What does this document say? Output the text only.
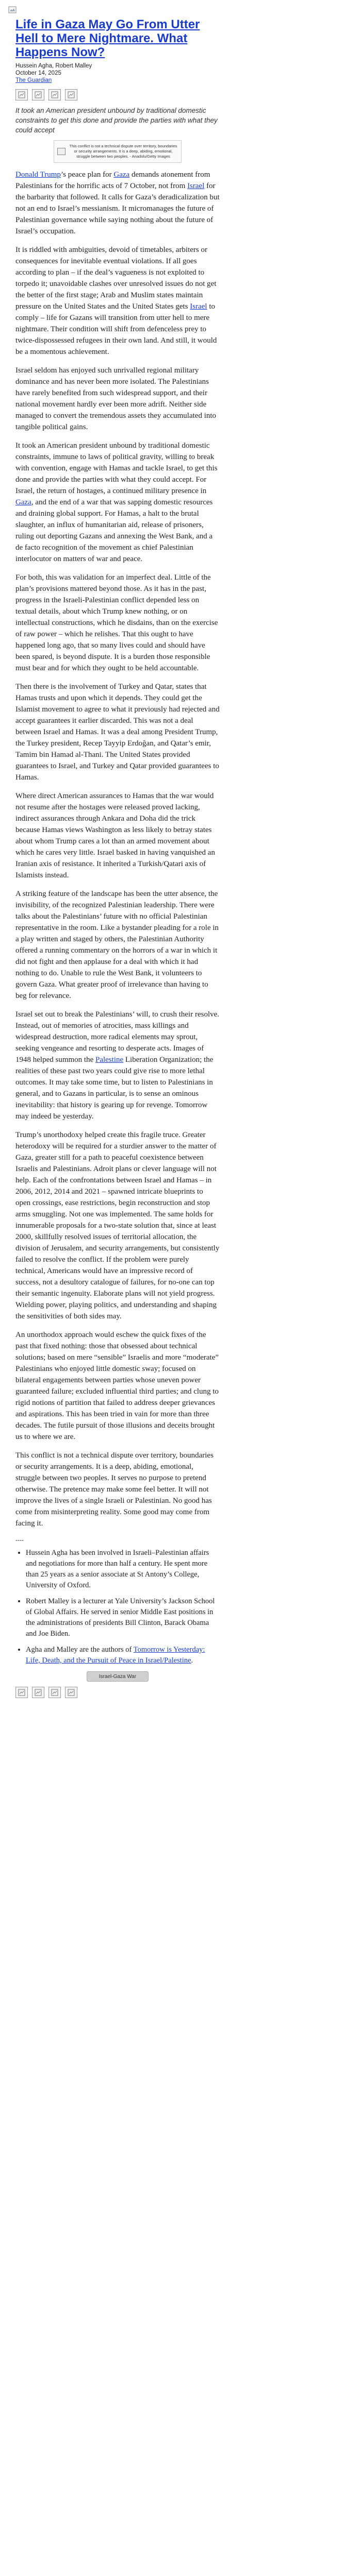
Life in Gaza May Go From Utter Hell to Mere Nightmare. What Happens Now?
Hussein Agha, Robert Malley
October 14, 2025
The Guardian
It took an American president unbound by traditional domestic constraints to get this done and provide the parties with what they could accept
This conflict is not a technical dispute over territory, boundaries or security arrangements. It is a deep, abiding, emotional, struggle between two peoples. - Anadolu/Getty Images

Donald Trump’s peace plan for Gaza demands atonement from Palestinians for the horrific acts of 7 October, not from Israel for the barbarity that followed. It calls for Gaza’s deradicalization but not an end to Israel’s messianism. It micromanages the future of Palestinian governance while saying nothing about the future of Israel’s occupation.

It is riddled with ambiguities, devoid of timetables, arbiters or consequences for inevitable eventual violations. If all goes according to plan – if the deal’s vagueness is not exploited to torpedo it; unavoidable clashes over unresolved issues do not get the better of the first stage; Arab and Muslim states maintain pressure on the United States and the United States gets Israel to comply – life for Gazans will transition from utter hell to mere nightmare. Their condition will shift from defenceless prey to twice-dispossessed refugees in their own land. And still, it would be a momentous achievement.

Israel seldom has enjoyed such unrivalled regional military dominance and has never been more isolated. The Palestinians have rarely benefited from such widespread support, and their national movement hardly ever been more adrift. Neither side managed to convert the tremendous assets they accumulated into tangible political gains.

It took an American president unbound by traditional domestic constraints, immune to laws of political gravity, willing to break with convention, engage with Hamas and tackle Israel, to get this done and provide the parties with what they could accept. For Israel, the return of hostages, a continued military presence in Gaza, and the end of a war that was sapping domestic resources and draining global support. For Hamas, a halt to the brutal slaughter, an influx of humanitarian aid, release of prisoners, ruling out deporting Gazans and annexing the West Bank, and a de facto recognition of the movement as chief Palestinian interlocutor on matters of war and peace.

For both, this was validation for an imperfect deal. Little of the plan’s provisions mattered beyond those. As it has in the past, progress in the Israeli-Palestinian conflict depended less on textual details, about which Trump knew nothing, or on intellectual constructions, which he disdains, than on the exercise of raw power – which he relishes. That this ought to have happened long ago, that so many lives could and should have been spared, is beyond dispute. It is a burden those responsible must bear and for which they ought to be held accountable.

Then there is the involvement of Turkey and Qatar, states that Hamas trusts and upon which it depends. They could get the Islamist movement to agree to what it previously had rejected and accept guarantees it earlier discarded. This was not a deal between Israel and Hamas. It was a deal among President Trump, the Turkey president, Recep Tayyip Erdoğan, and Qatar’s emir, Tamim bin Hamad al-Thani. The United States provided guarantees to Israel, and Turkey and Qatar provided guarantees to Hamas.

Where direct American assurances to Hamas that the war would not resume after the hostages were released proved lacking, indirect assurances through Ankara and Doha did the trick because Hamas views Washington as less likely to betray states about whom Trump cares a lot than an armed movement about which he cares very little. Israel basked in having vanquished an Iranian axis of resistance. It inherited a Turkish/Qatari axis of Islamists instead.

A striking feature of the landscape has been the utter absence, the invisibility, of the recognized Palestinian leadership. There were talks about the Palestinians’ future with no official Palestinian representative in the room. Like a bystander pleading for a role in a play written and staged by others, the Palestinian Authority offered a running commentary on the horrors of a war in which it did not fight and then applause for a deal with which it had nothing to do. Unable to rule the West Bank, it volunteers to govern Gaza. What greater proof of irrelevance than having to beg for relevance.

Israel set out to break the Palestinians’ will, to crush their resolve. Instead, out of memories of atrocities, mass killings and widespread destruction, more radical elements may sprout, seeking vengeance and resorting to desperate acts. Images of 1948 helped summon the Palestine Liberation Organization; the realities of these past two years could give rise to more lethal outcomes. It may take some time, but to listen to Palestinians in general, and to Gazans in particular, is to sense an ominous inevitability: that history is gearing up for revenge. Tomorrow may indeed be yesterday.

Trump’s unorthodoxy helped create this fragile truce. Greater heterodoxy will be required for a sturdier answer to the matter of Gaza, greater still for a path to peaceful coexistence between Israelis and Palestinians. Adroit plans or clever language will not help. Each of the confrontations between Israel and Hamas – in 2006, 2012, 2014 and 2021 – spawned intricate blueprints to open crossings, ease restrictions, begin reconstruction and stop arms smuggling. Not one was implemented. The same holds for innumerable proposals for a two-state solution that, since at least 2000, skillfully resolved issues of territorial allocation, the division of Jerusalem, and security arrangements, but consistently failed to resolve the conflict. If the problem were purely technical, Americans would have an impressive record of success, not a desultory catalogue of failures, for no-one can top their semantic ingenuity. Elaborate plans will not yield progress. Wielding power, playing politics, and understanding and shaping the sensitivities of both sides may.

An unorthodox approach would eschew the quick fixes of the past that fixed nothing: those that obsessed about technical solutions; based on mere “sensible” Israelis and more “moderate” Palestinians who enjoyed little domestic sway; focused on bilateral engagements between parties whose uneven power guaranteed failure; excluded influential third parties; and clung to rigid notions of partition that failed to address deeper grievances and aspirations. This has been tried in vain for more than three decades. The futile pursuit of those illusions and deceits brought us to where we are.

This conflict is not a technical dispute over territory, boundaries or security arrangements. It is a deep, abiding, emotional, struggle between two peoples. It serves no purpose to pretend otherwise. The pretence may make some feel better. It will not improve the lives of a single Israeli or Palestinian. No good has come from misinterpreting reality. Some good may come from facing it.

----
• Hussein Agha has been involved in Israeli–Palestinian affairs and negotiations for more than half a century. He spent more than 25 years as a senior associate at St Antony’s College, University of Oxford.
• Robert Malley is a lecturer at Yale University’s Jackson School of Global Affairs. He served in senior Middle East positions in the administrations of presidents Bill Clinton, Barack Obama and Joe Biden.
• Agha and Malley are the authors of Tomorrow is Yesterday: Life, Death, and the Pursuit of Peace in Israel/Palestine.
Israel-Gaza War
